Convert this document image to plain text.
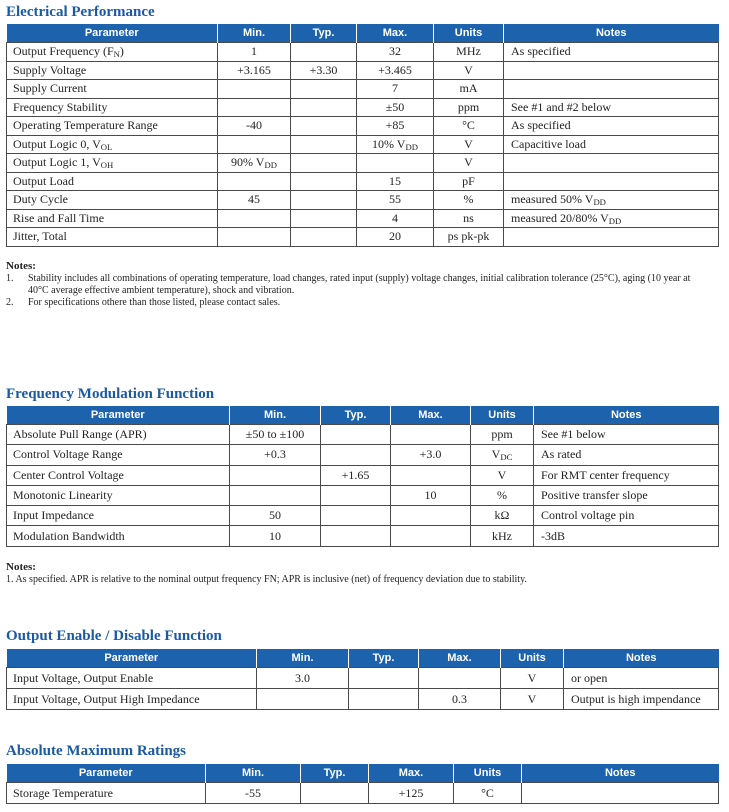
Electrical Performance
Parameter	Min.	Typ.	Max.	Units	Notes
Output Frequency $(F_N)$	1		32	MHz	As specified
Supply Voltage	+3.165	+3.30	+3.465	V	
Supply Current			7	mA	
Frequency Stability			±50	ppm	See #1 and #2 below
Operating Temperature Range	-40		+85	°C	As specified
Output Logic 0, $V_{OL}$			10% $V_{DD}$	V	Capacitive load
Output Logic 1, $V_{OH}$	90% $V_{DD}$			V	
Output Load			15	pF	
Duty Cycle	45		55	%	measured 50% $V_{DD}$
Rise and Fall Time			4	ns	measured 20/80% $V_{DD}$
Jitter, Total			20	ps pk-pk	
Notes:
1.	Stability includes all combinations of operating temperature, load changes, rated input (supply) voltage changes, initial calibration tolerance (25°C), aging (10 year at 40°C average effective ambient temperature), shock and vibration.
2.	For specifications othere than those listed, please contact sales.
Frequency Modulation Function
Parameter	Min.	Typ.	Max.	Units	Notes
Absolute Pull Range (APR)	±50 to ±100			ppm	See #1 below
Control Voltage Range	+0.3		+3.0	$V_{DC}$	As rated
Center Control Voltage		+1.65		V	For RMT center frequency
Monotonic Linearity			10	%	Positive transfer slope
Input Impedance	50			kΩ	Control voltage pin
Modulation Bandwidth	10			kHz	-3dB
Notes:
1. As specified. APR is relative to the nominal output frequency FN; APR is inclusive (net) of frequency deviation due to stability.
Output Enable / Disable Function
Parameter	Min.	Typ.	Max.	Units	Notes
Input Voltage, Output Enable	3.0			V	or open
Input Voltage, Output High Impedance			0.3	V	Output is high impendance
Absolute Maximum Ratings
Parameter	Min.	Typ.	Max.	Units	Notes
Storage Temperature	-55		+125	°C	
